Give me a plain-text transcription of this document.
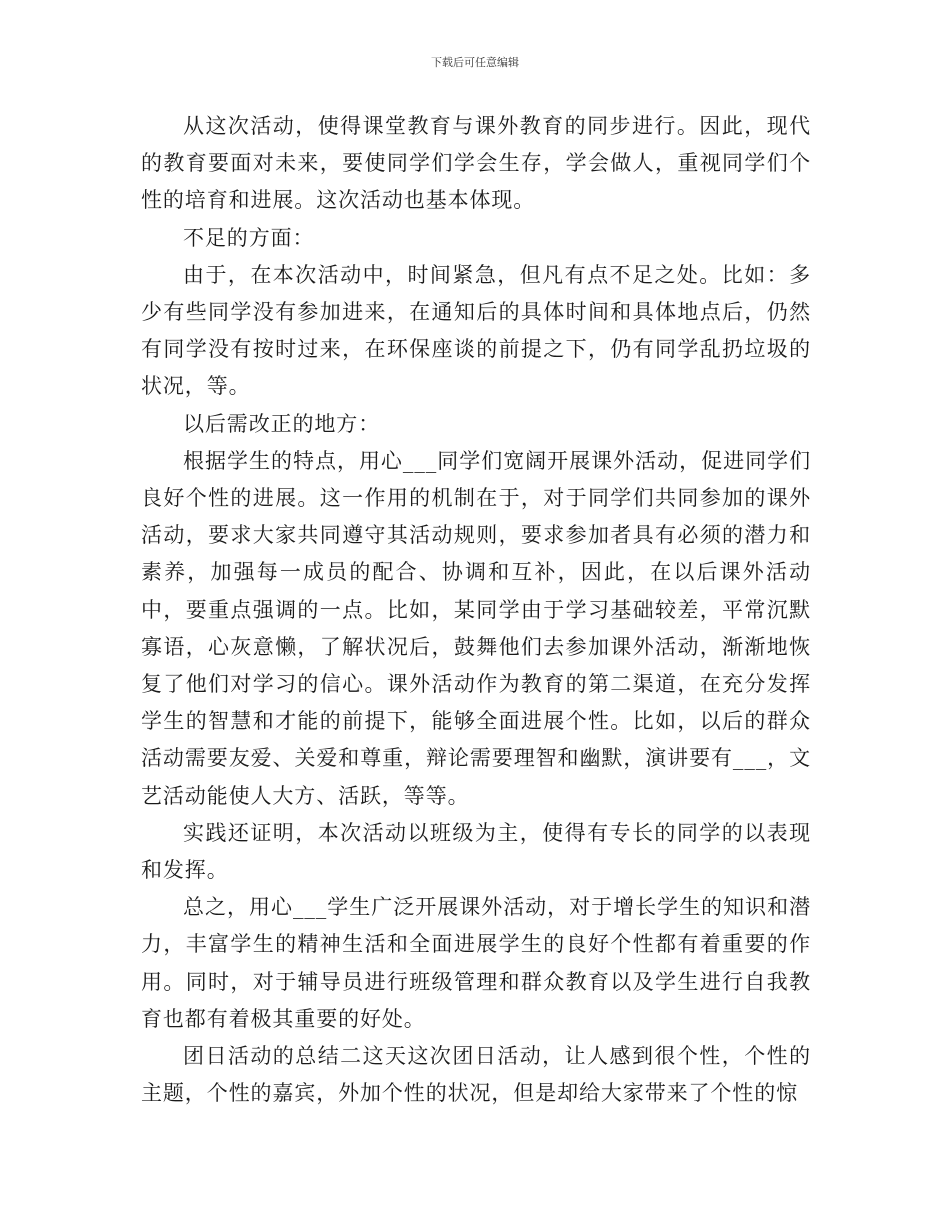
下载后可任意编辑

从这次活动，使得课堂教育与课外教育的同步进行。因此，现代的教育要面对未来，要使同学们学会生存，学会做人，重视同学们个性的培育和进展。这次活动也基本体现。

不足的方面：

由于，在本次活动中，时间紧急，但凡有点不足之处。比如：多少有些同学没有参加进来，在通知后的具体时间和具体地点后，仍然有同学没有按时过来，在环保座谈的前提之下，仍有同学乱扔垃圾的状况，等。

以后需改正的地方：

根据学生的特点，用心___同学们宽阔开展课外活动，促进同学们良好个性的进展。这一作用的机制在于，对于同学们共同参加的课外活动，要求大家共同遵守其活动规则，要求参加者具有必须的潜力和素养，加强每一成员的配合、协调和互补，因此，在以后课外活动中，要重点强调的一点。比如，某同学由于学习基础较差，平常沉默寡语，心灰意懒，了解状况后，鼓舞他们去参加课外活动，渐渐地恢复了他们对学习的信心。课外活动作为教育的第二渠道，在充分发挥学生的智慧和才能的前提下，能够全面进展个性。比如，以后的群众活动需要友爱、关爱和尊重，辩论需要理智和幽默，演讲要有___，文艺活动能使人大方、活跃，等等。

实践还证明，本次活动以班级为主，使得有专长的同学的以表现和发挥。

总之，用心___学生广泛开展课外活动，对于增长学生的知识和潜力，丰富学生的精神生活和全面进展学生的良好个性都有着重要的作用。同时，对于辅导员进行班级管理和群众教育以及学生进行自我教育也都有着极其重要的好处。

团日活动的总结二这天这次团日活动，让人感到很个性，个性的主题，个性的嘉宾，外加个性的状况，但是却给大家带来了个性的惊
